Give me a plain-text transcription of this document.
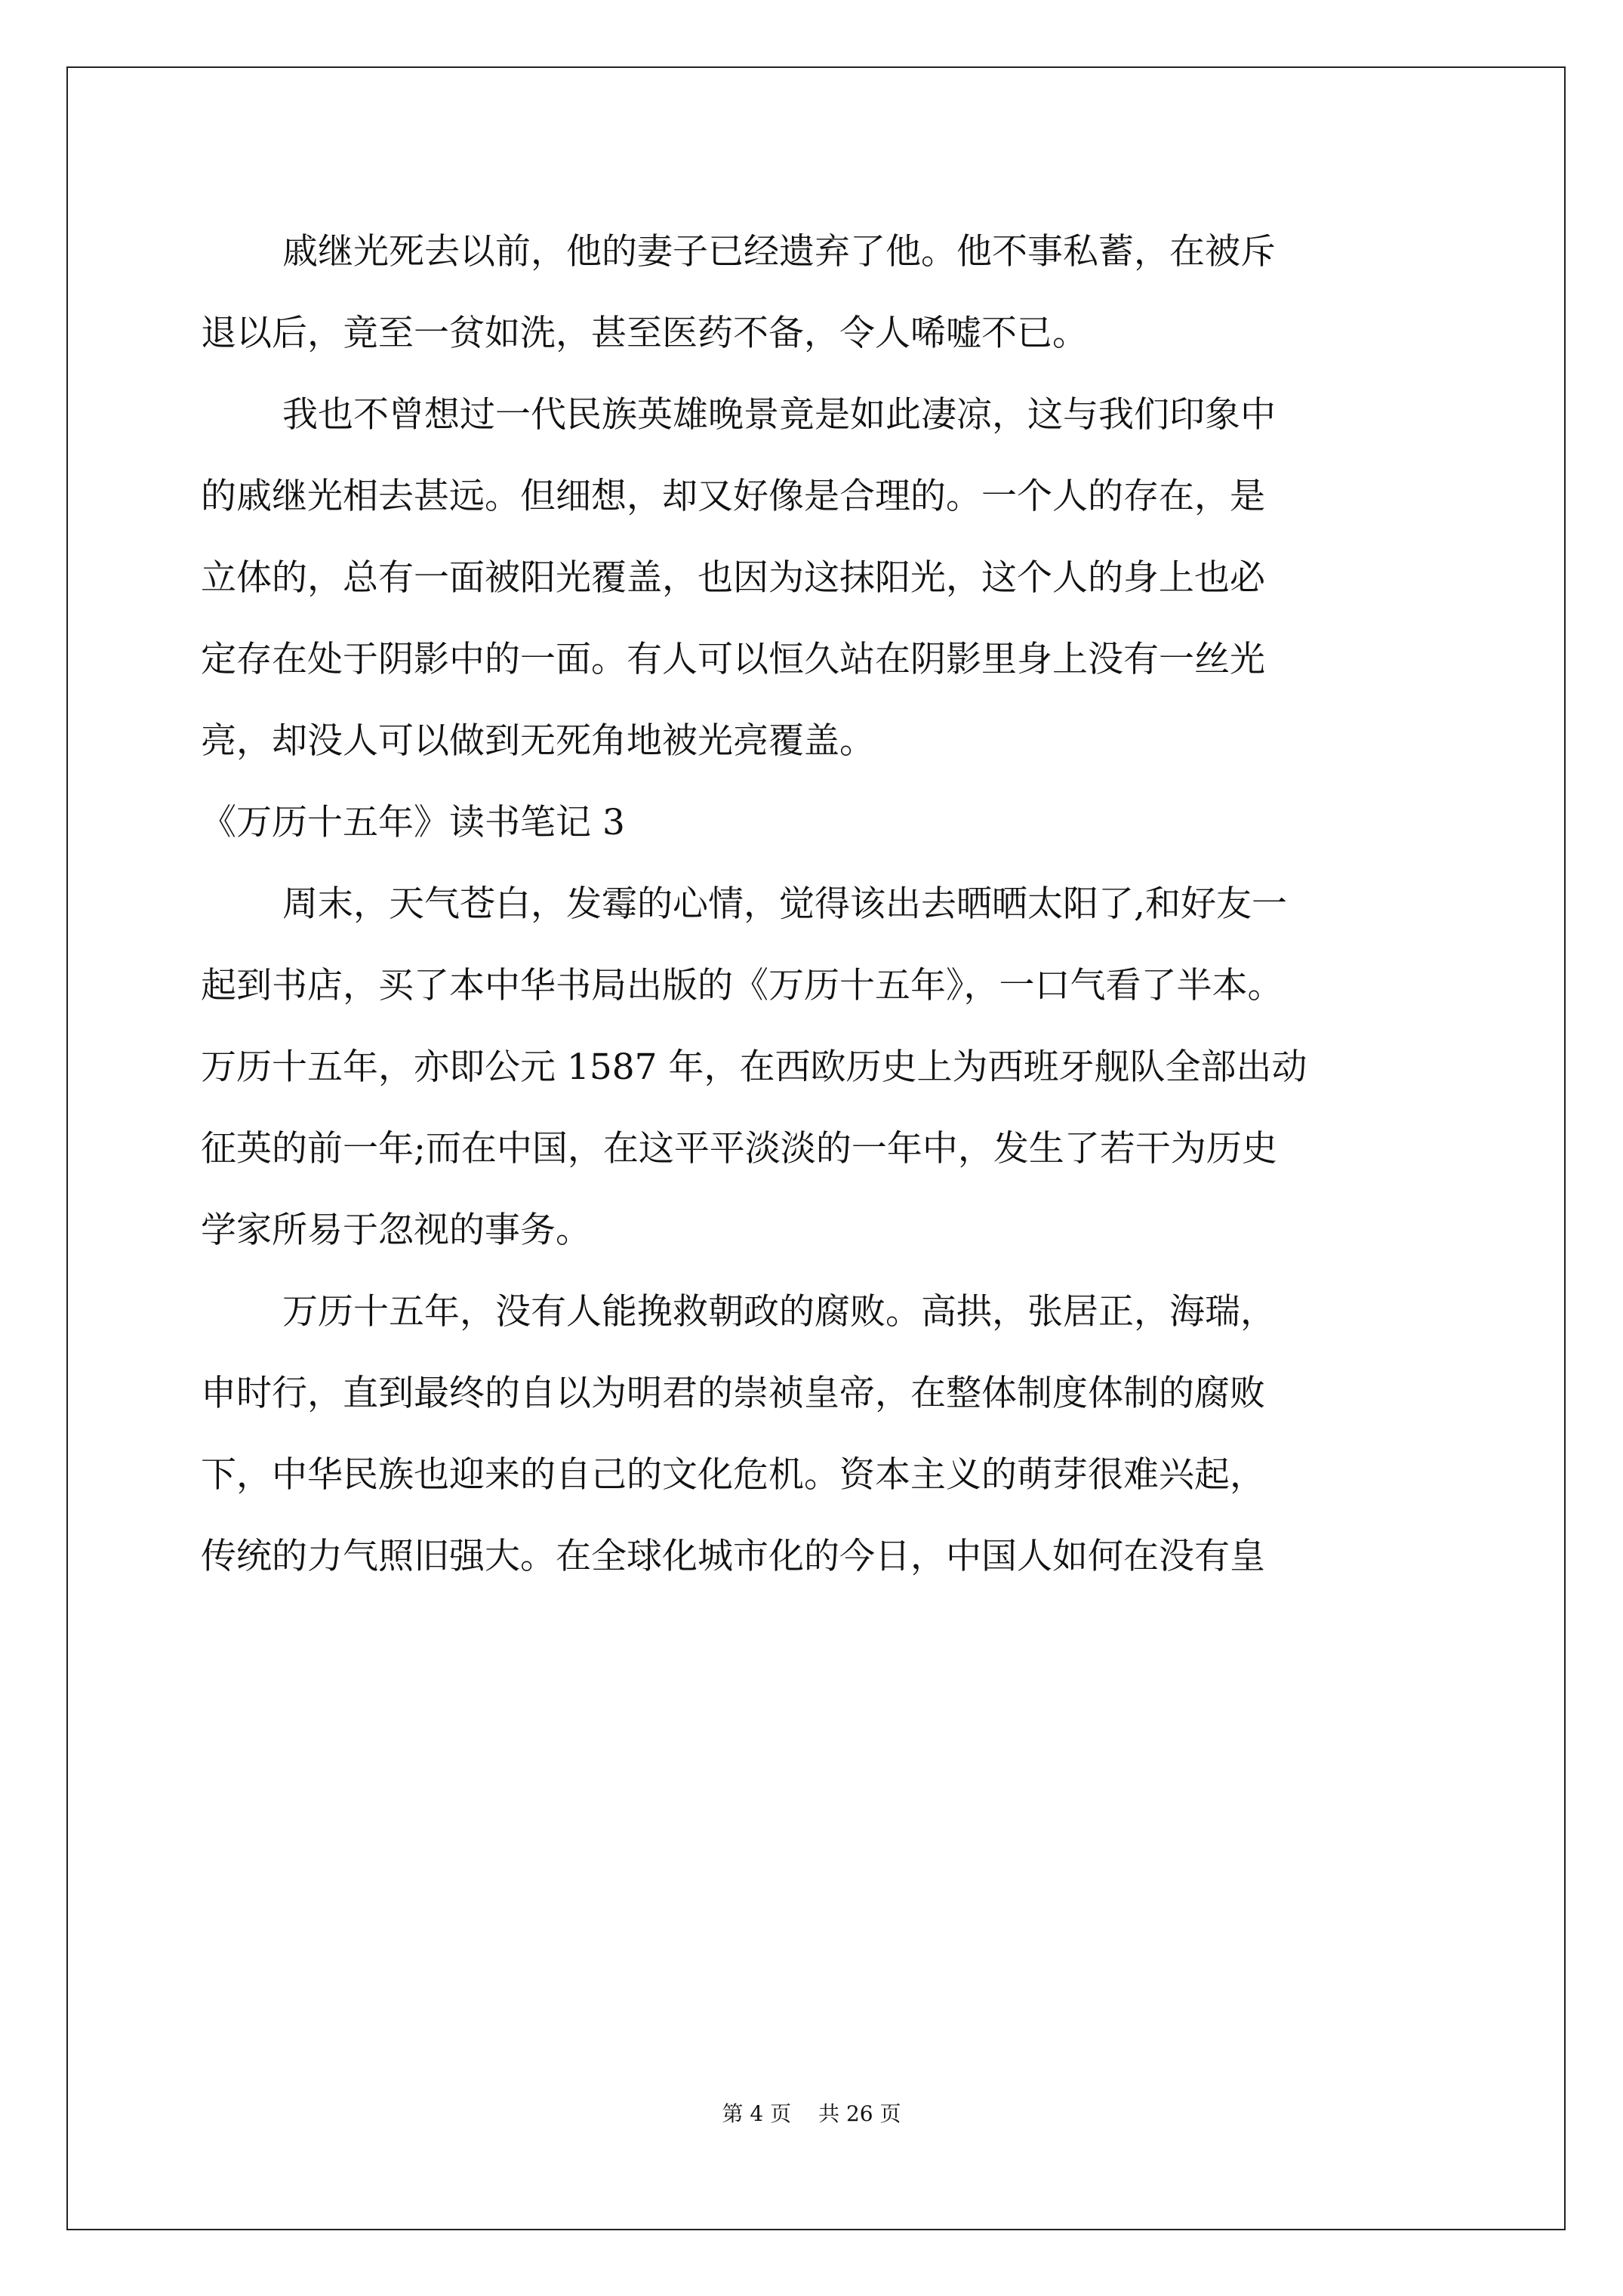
戚继光死去以前，他的妻子已经遗弃了他。他不事私蓄，在被斥
退以后，竟至一贫如洗，甚至医药不备，令人唏嘘不已。
我也不曾想过一代民族英雄晚景竟是如此凄凉，这与我们印象中
的戚继光相去甚远。但细想，却又好像是合理的。一个人的存在，是
立体的，总有一面被阳光覆盖，也因为这抹阳光，这个人的身上也必
定存在处于阴影中的一面。有人可以恒久站在阴影里身上没有一丝光
亮，却没人可以做到无死角地被光亮覆盖。
《万历十五年》读书笔记 3
周末，天气苍白，发霉的心情，觉得该出去晒晒太阳了,和好友一
起到书店，买了本中华书局出版的《万历十五年》，一口气看了半本。
万历十五年，亦即公元 1587 年，在西欧历史上为西班牙舰队全部出动
征英的前一年;而在中国，在这平平淡淡的一年中，发生了若干为历史
学家所易于忽视的事务。
万历十五年，没有人能挽救朝政的腐败。高拱，张居正，海瑞，
申时行，直到最终的自以为明君的崇祯皇帝，在整体制度体制的腐败
下，中华民族也迎来的自己的文化危机。资本主义的萌芽很难兴起，
传统的力气照旧强大。在全球化城市化的今日，中国人如何在没有皇
第 4 页 共 26 页
